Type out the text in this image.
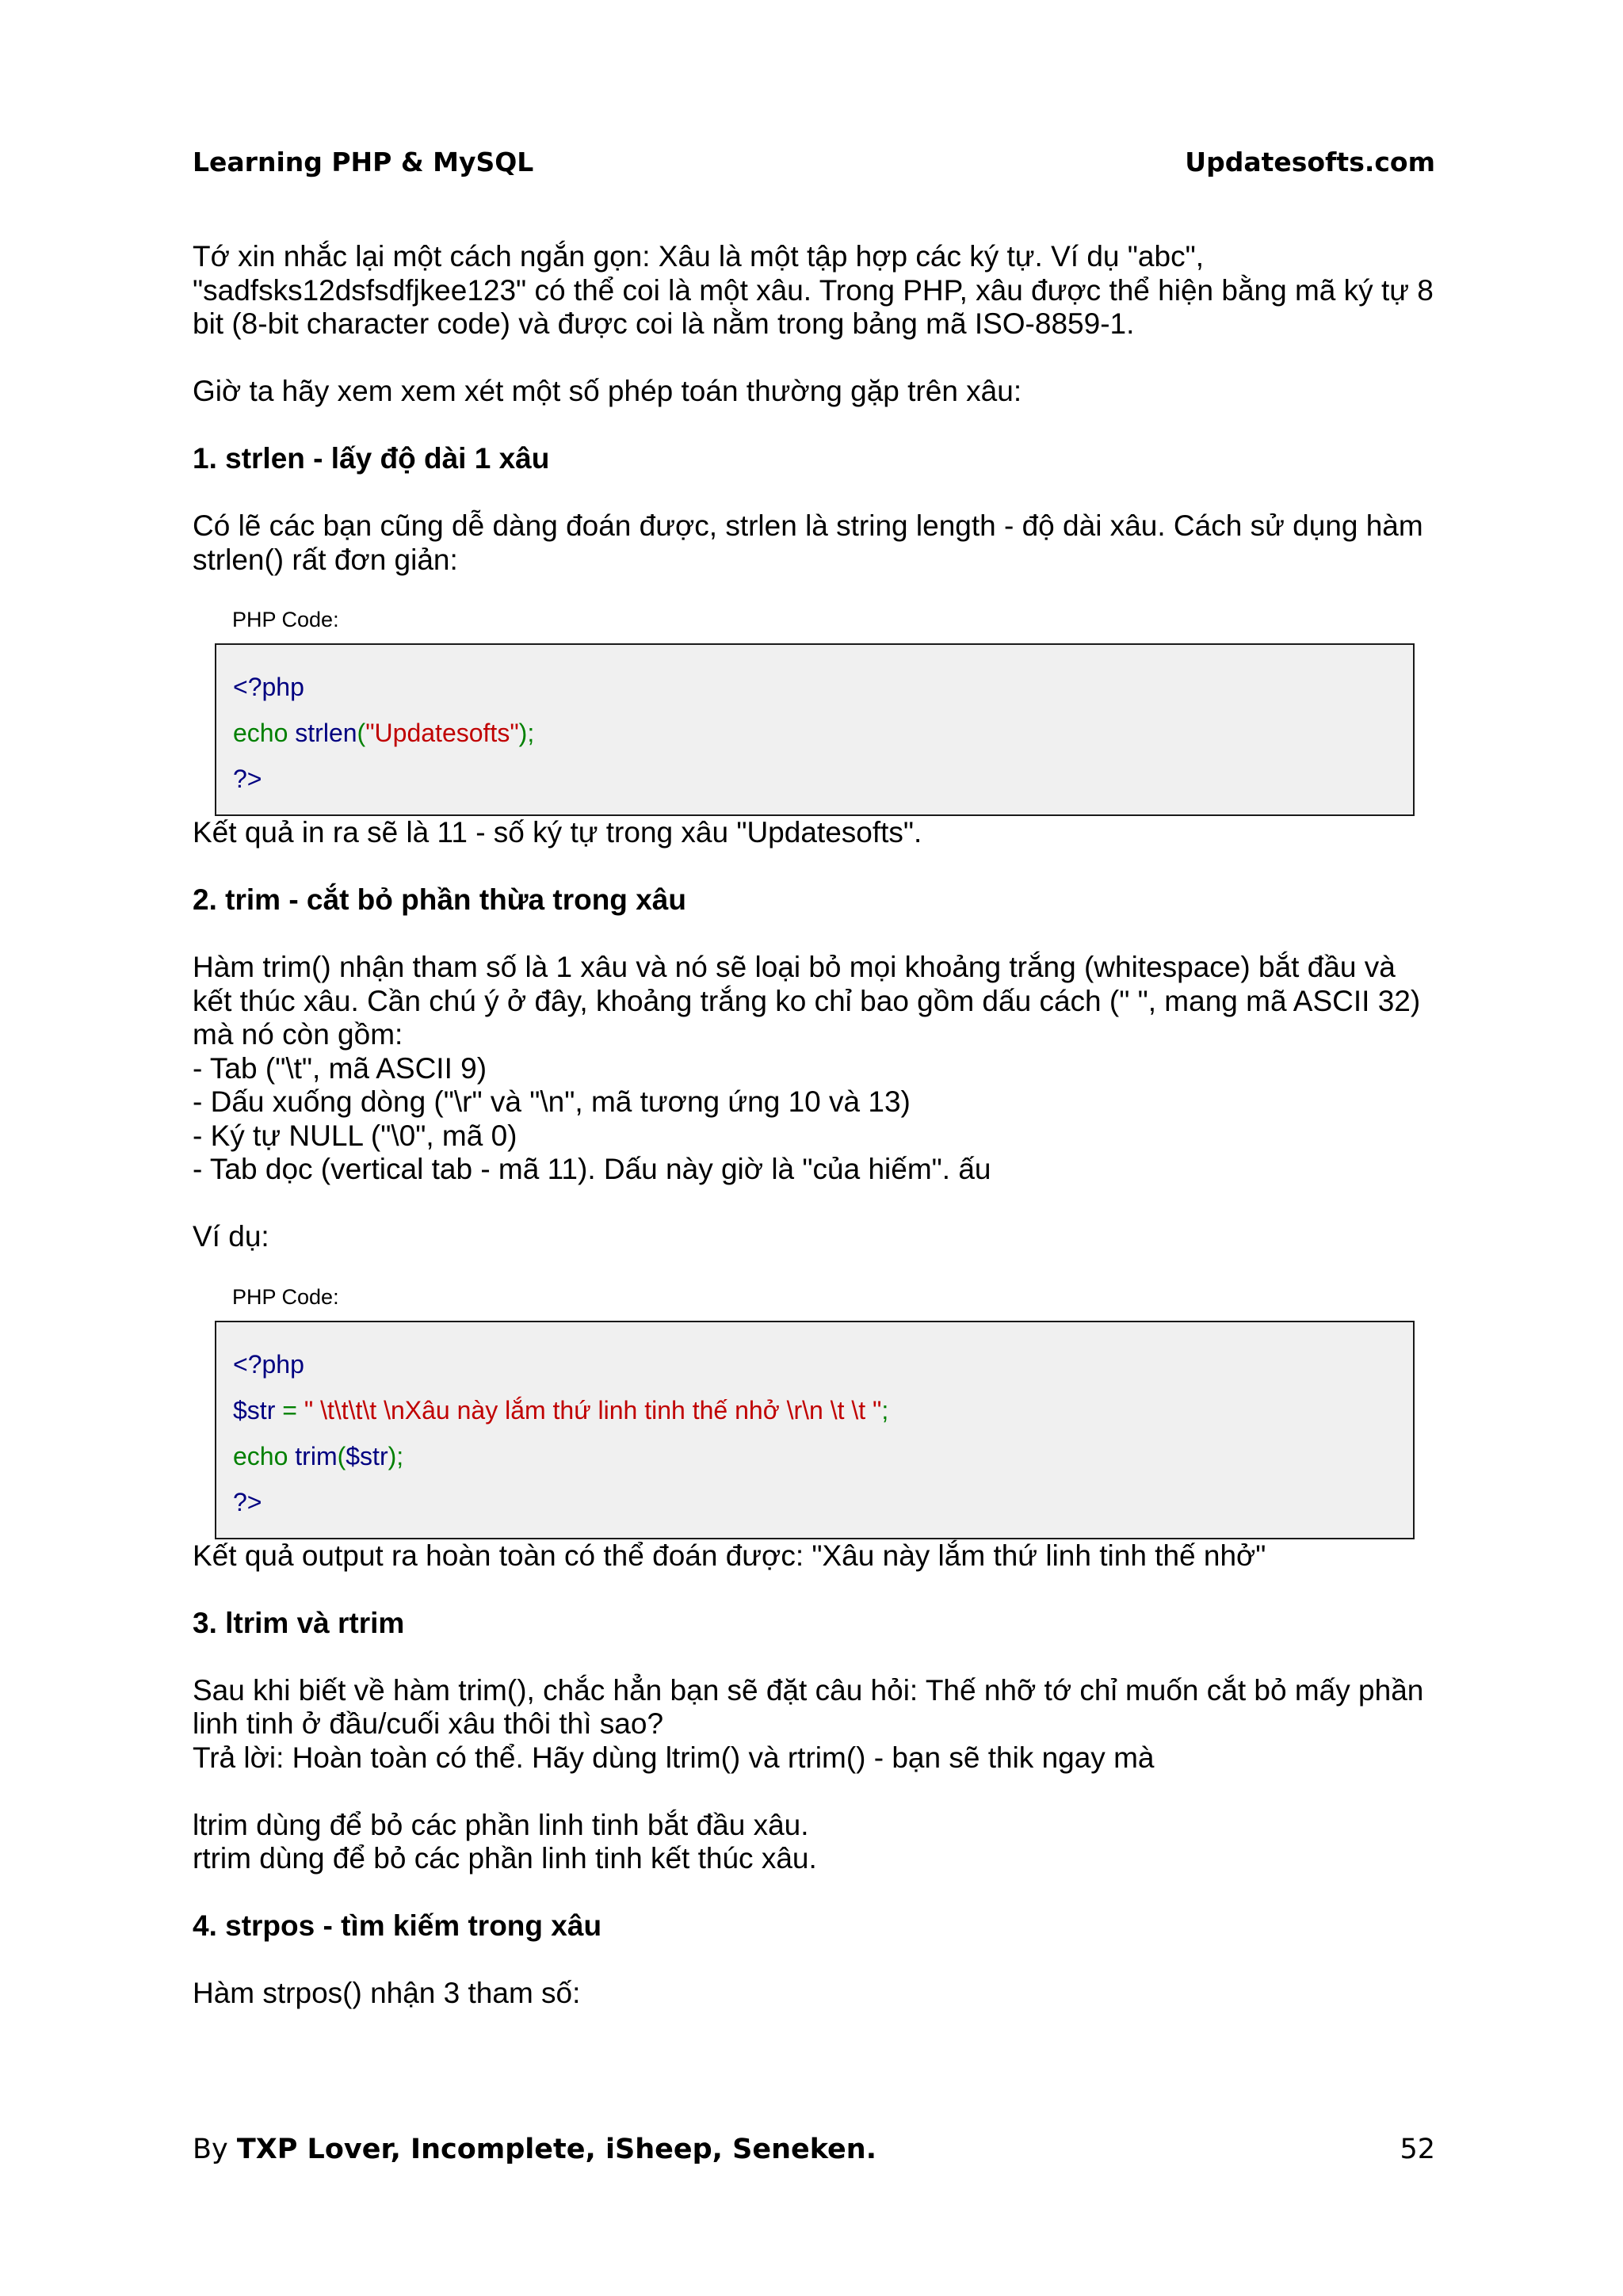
Learning PHP & MySQL	Updatesofts.com

Tớ xin nhắc lại một cách ngắn gọn: Xâu là một tập hợp các ký tự. Ví dụ "abc", "sadfsks12dsfsdfjkee123" có thể coi là một xâu. Trong PHP, xâu được thể hiện bằng mã ký tự 8 bit (8-bit character code) và được coi là nằm trong bảng mã ISO-8859-1.

Giờ ta hãy xem xem xét một số phép toán thường gặp trên xâu:

1. strlen - lấy độ dài 1 xâu

Có lẽ các bạn cũng dễ dàng đoán được, strlen là string length - độ dài xâu. Cách sử dụng hàm strlen() rất đơn giản:

PHP Code:
<?php
echo strlen("Updatesofts");
?>

Kết quả in ra sẽ là 11 - số ký tự trong xâu "Updatesofts".

2. trim - cắt bỏ phần thừa trong xâu

Hàm trim() nhận tham số là 1 xâu và nó sẽ loại bỏ mọi khoảng trắng (whitespace) bắt đầu và kết thúc xâu. Cần chú ý ở đây, khoảng trắng ko chỉ bao gồm dấu cách (" ", mang mã ASCII 32) mà nó còn gồm:

- Tab ("\t", mã ASCII 9)

- Dấu xuống dòng ("\r" và "\n", mã tương ứng 10 và 13)

- Ký tự NULL ("\0", mã 0)

- Tab dọc (vertical tab - mã 11). Dấu này giờ là "của hiếm". ấu

Ví dụ:

PHP Code:
<?php
$str = " \t\t\t\t \nXâu này lắm thứ linh tinh thế nhở \r\n \t \t ";
echo trim($str);
?>

Kết quả output ra hoàn toàn có thể đoán được: "Xâu này lắm thứ linh tinh thế nhở"

3. ltrim và rtrim

Sau khi biết về hàm trim(), chắc hẳn bạn sẽ đặt câu hỏi: Thế nhỡ tớ chỉ muốn cắt bỏ mấy phần linh tinh ở đầu/cuối xâu thôi thì sao?

Trả lời: Hoàn toàn có thể. Hãy dùng ltrim() và rtrim() - bạn sẽ thik ngay mà

ltrim dùng để bỏ các phần linh tinh bắt đầu xâu.

rtrim dùng để bỏ các phần linh tinh kết thúc xâu.

4. strpos - tìm kiếm trong xâu

Hàm strpos() nhận 3 tham số:

By TXP Lover, Incomplete, iSheep, Seneken.	52
